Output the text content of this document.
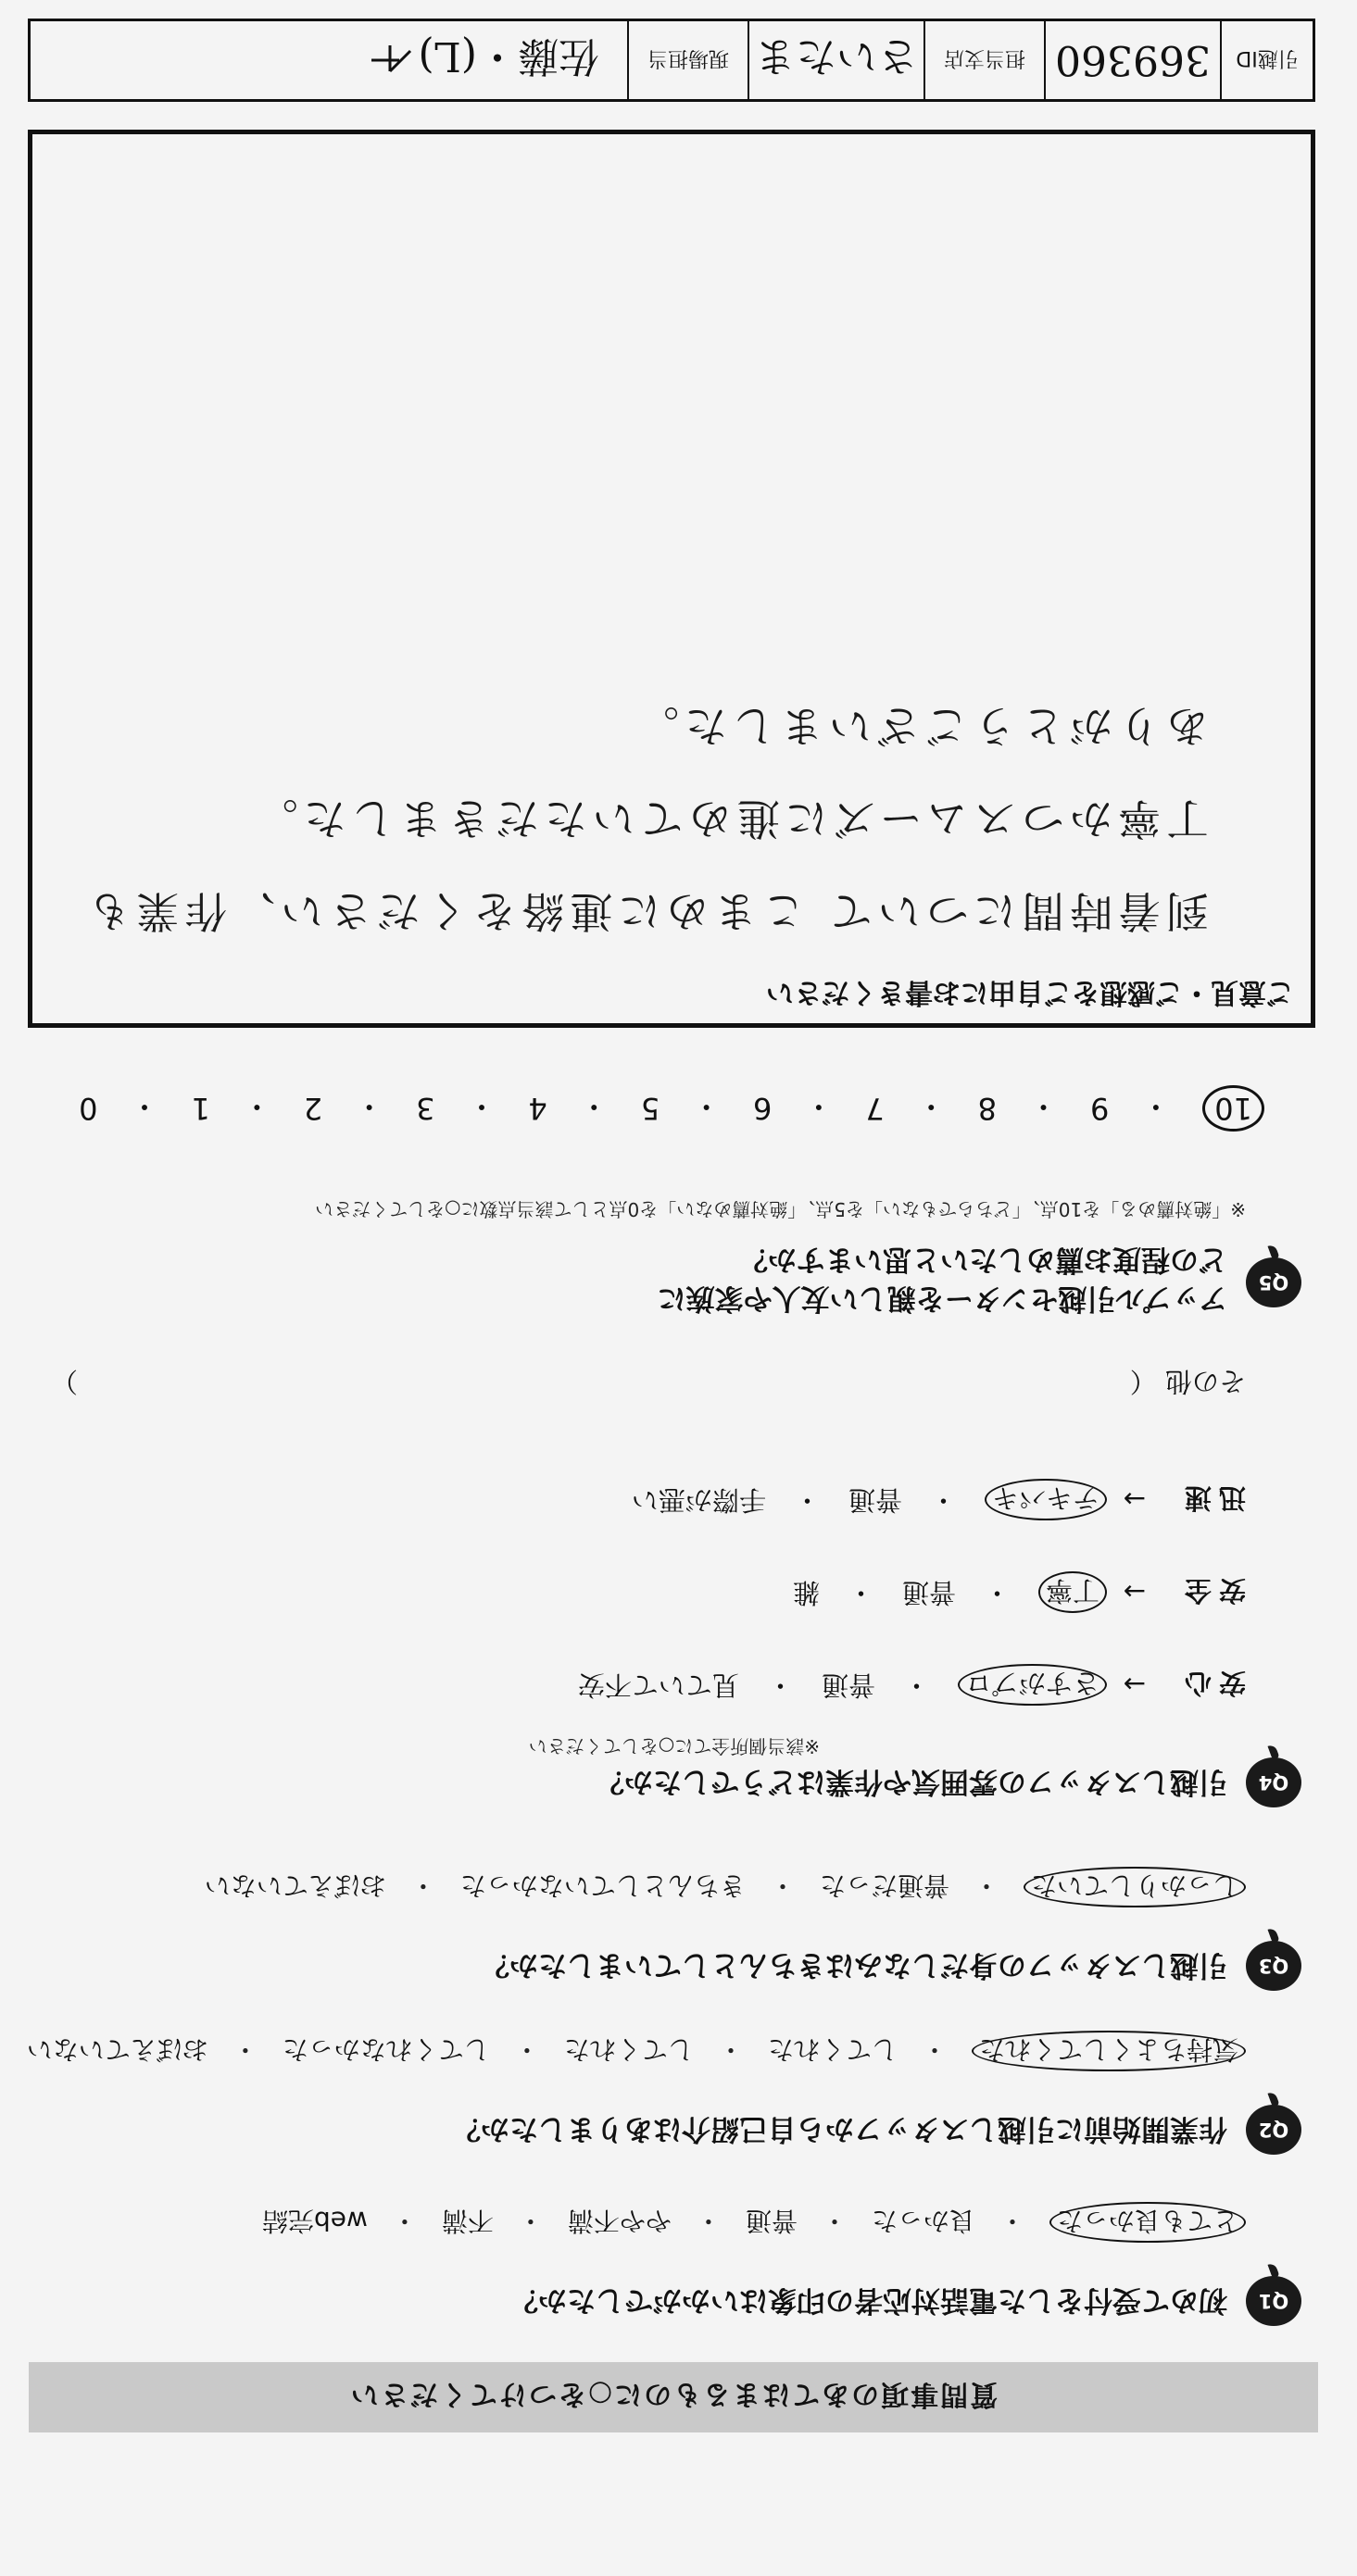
質問事項のあてはまるものに○をつけてください
Q1
初めて受付をした電話対応者の印象はいかがでしたか？
とても良かった
・
良かった
・
普通
・
やや不満
・
不満
・
web完結
Q2
作業開始前に引越しスタッフから自己紹介はありましたか？
気持ちよくしてくれた
・
してくれた
・
してくれた
・
してくれなかった
・
おぼえていない
Q3
引越しスタッフの身だしなみはきちんとしていましたか？
しっかりしていた
・
普通だった
・
きちんとしていなかった
・
おぼえていない
Q4
引越しスタッフの雰囲気や作業はどうでしたか？
※該当個所全てに○をしてください
安心
→
さすがプロ
・
普通
・
見ていて不安
安全
→
丁寧
・
普通
・
雑
迅速
→
テキパキ
・
普通
・
手際が悪い
その他 （
）
Q5
アップル引越センターを親しい友人や家族に
どの程度お薦めしたいと思いますか？
※「絶対薦める」を10点、「どちらでもない」を5点、「絶対薦めない」を0点として該当点数に○をしてください
10
・
9
・
8
・
7
・
6
・
5
・
4
・
3
・
2
・
1
・
0
ご意見・ご感想をご自由にお書きください
到着時間について こまめに連絡をください、作業も
丁寧かつスムーズに進めていただきました。
ありがとうございました。
引越ID
369360
担当支店
さいたま
現場担当
佐藤・(L)
